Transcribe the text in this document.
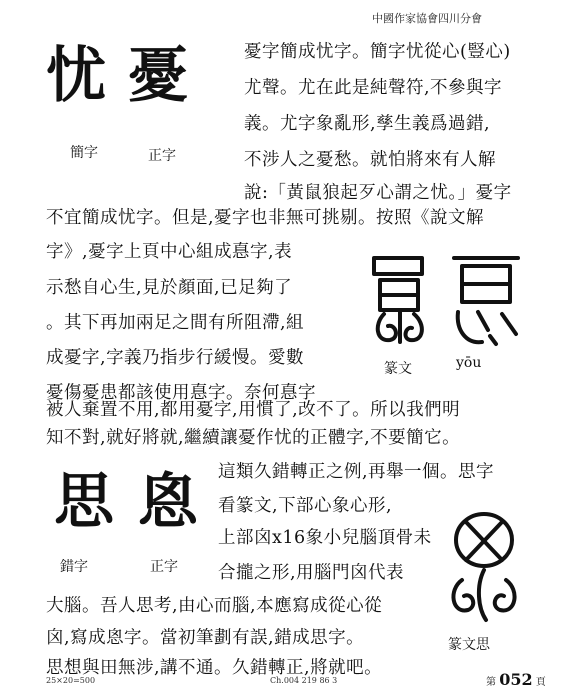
中國作家協會四川分會
忧 憂
簡字	正字
憂字簡成忧字。簡字忧從心(豎心)
尤聲。尤在此是純聲符,不參與字
義。尤字象亂形,孳生義爲過錯,
不涉人之憂愁。就怕將來有人解
說:「黃鼠狼起歹心謂之忧。」憂字
不宜簡成忧字。但是,憂字也非無可挑剔。按照《說文解
字》,憂字上頁中心組成惪字,表
示愁自心生,見於顏面,已足夠了
。其下再加兩足之間有所阻滯,組
成憂字,字義乃指步行緩慢。愛數
憂傷憂患都該使用惪字。奈何惪字
被人棄置不用,都用憂字,用慣了,改不了。所以我們明
知不對,就好將就,繼續讓憂作忧的正體字,不要簡它。
這類久錯轉正之例,再舉一個。思字
看篆文,下部心象心形,
上部囟x16象小兒腦頂骨未
合攏之形,用腦門囟代表
大腦。吾人思考,由心而腦,本應寫成從心從
囟,寫成恖字。當初筆劃有誤,錯成思字。
思想與田無涉,講不通。久錯轉正,將就吧。
篆文	yōu
思 恖
錯字	正字
篆文思
25×20=500	Ch.004 219 86 3	第 052 頁
